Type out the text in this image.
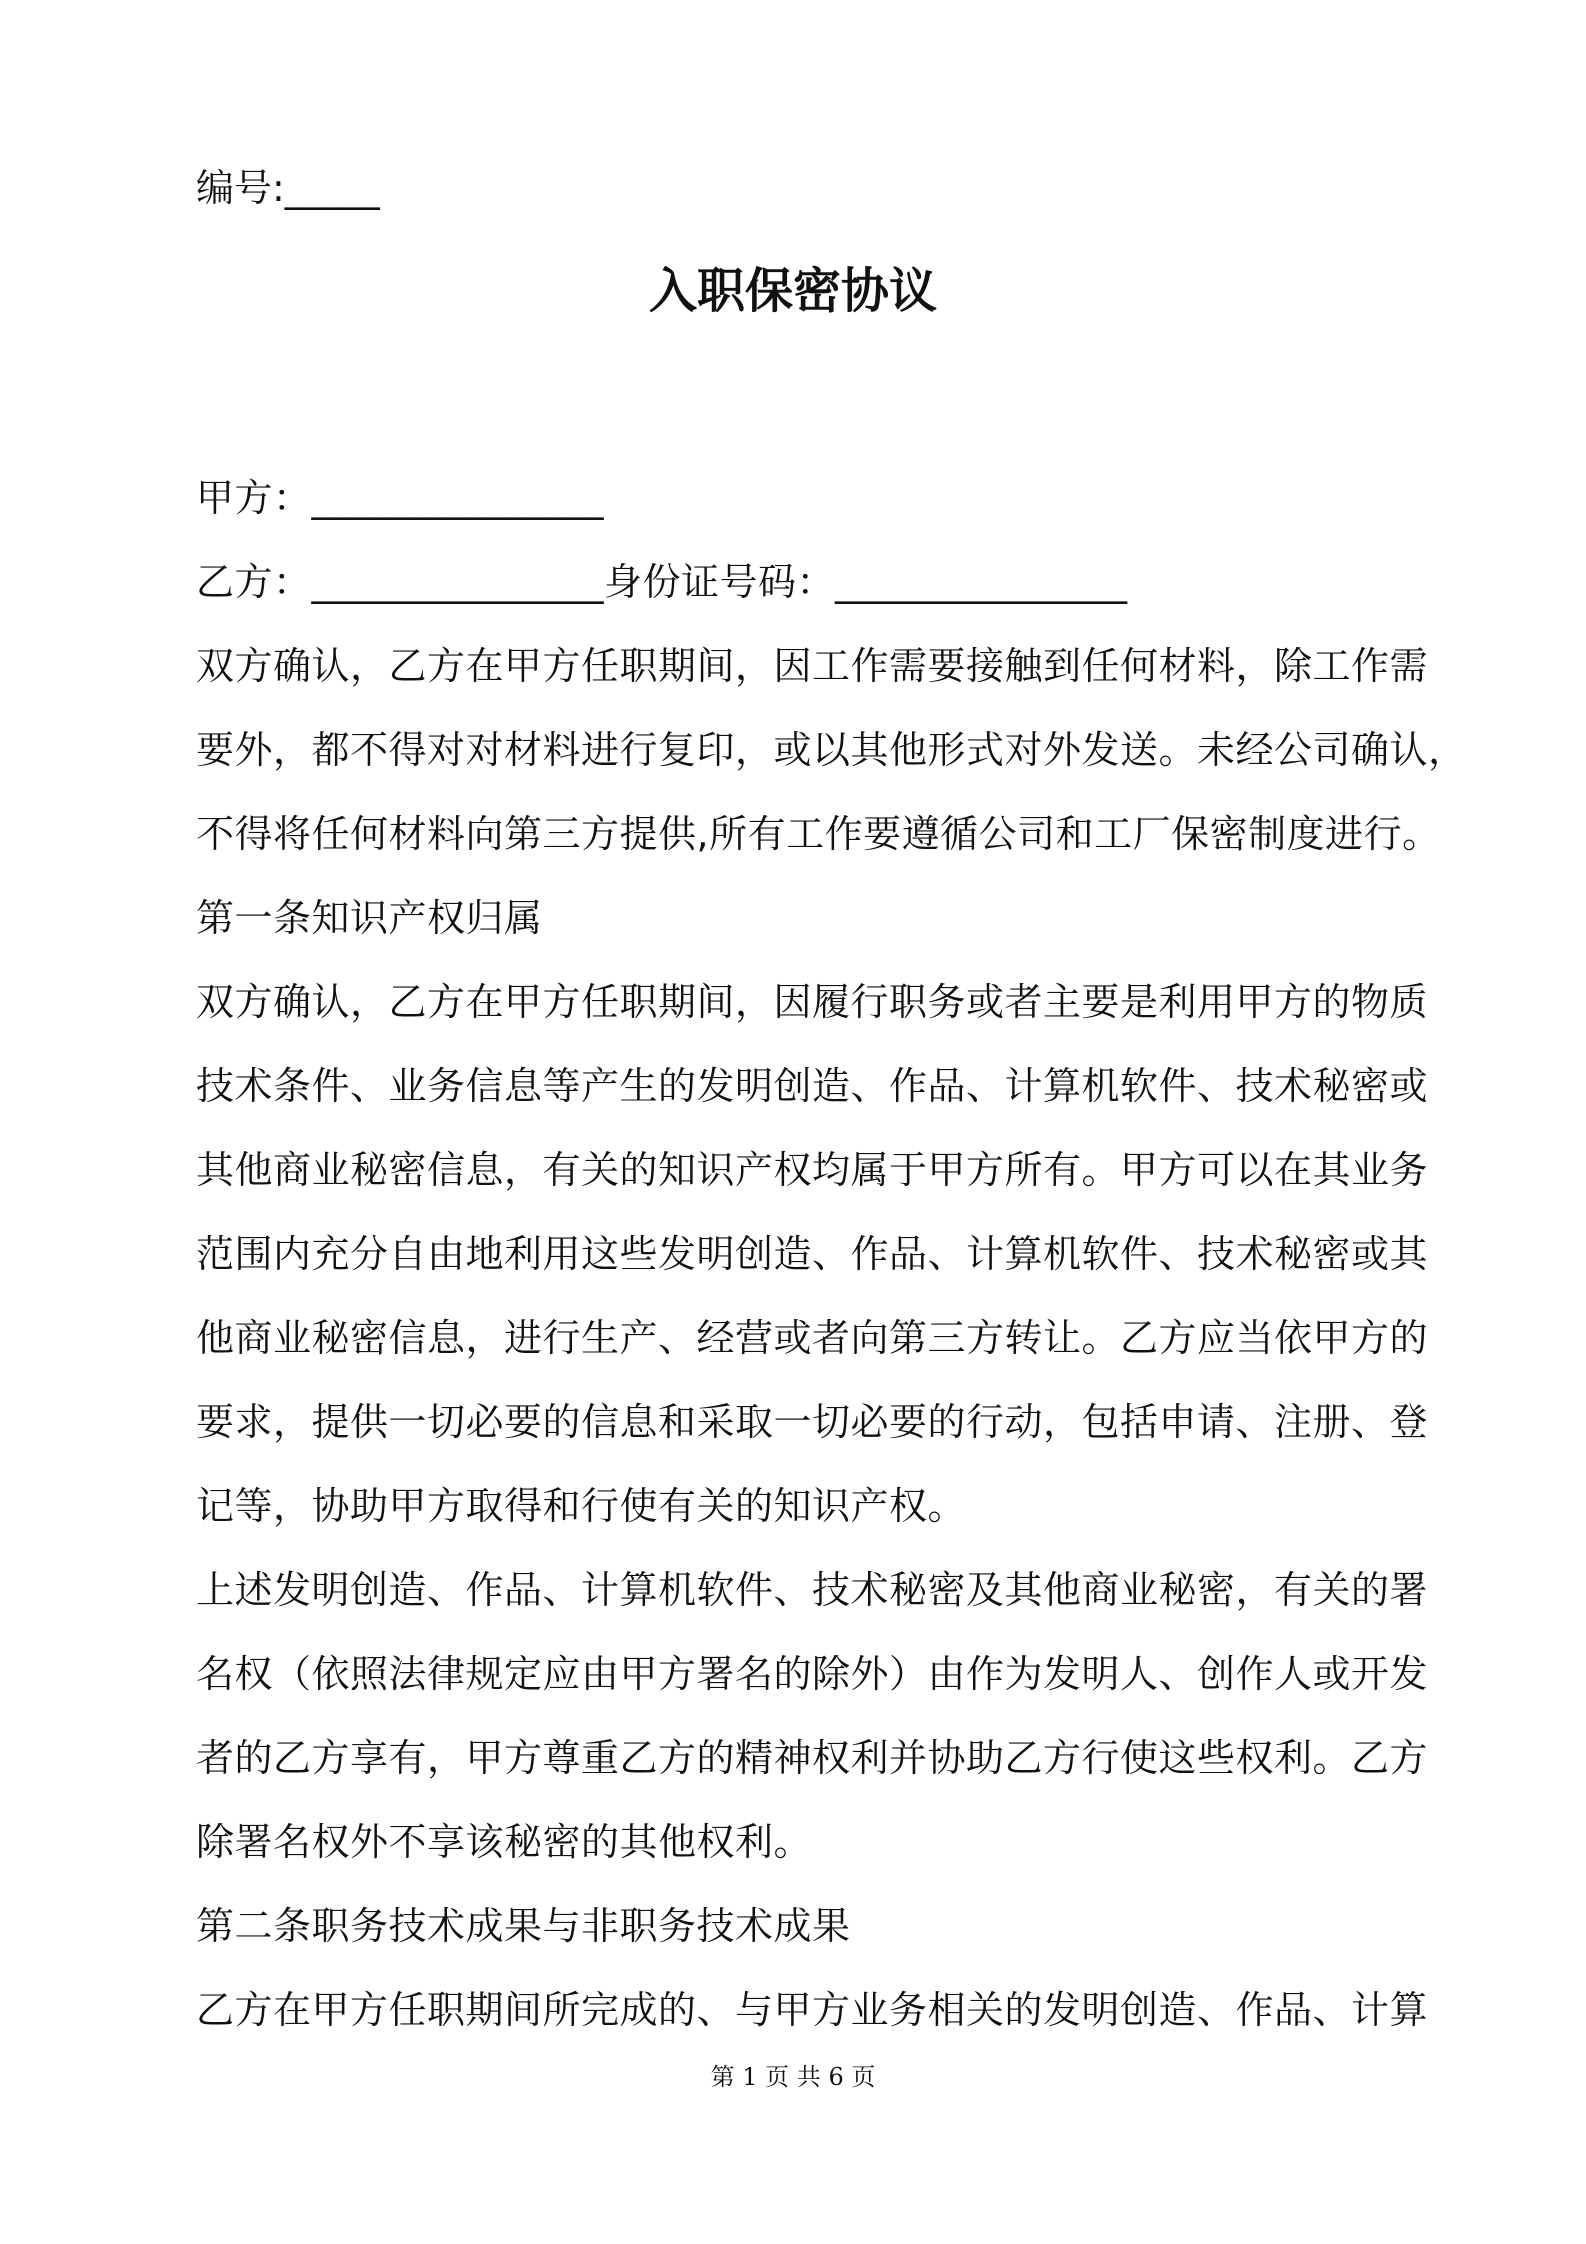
编号:_____
入职保密协议

甲方：_______________

乙方：_______________身份证号码：_______________

双方确认，乙方在甲方任职期间，因工作需要接触到任何材料，除工作需

要外，都不得对对材料进行复印，或以其他形式对外发送。未经公司确认，

不得将任何材料向第三方提供,所有工作要遵循公司和工厂保密制度进行。

第一条知识产权归属

双方确认，乙方在甲方任职期间，因履行职务或者主要是利用甲方的物质

技术条件、业务信息等产生的发明创造、作品、计算机软件、技术秘密或

其他商业秘密信息，有关的知识产权均属于甲方所有。甲方可以在其业务

范围内充分自由地利用这些发明创造、作品、计算机软件、技术秘密或其

他商业秘密信息，进行生产、经营或者向第三方转让。乙方应当依甲方的

要求，提供一切必要的信息和采取一切必要的行动，包括申请、注册、登

记等，协助甲方取得和行使有关的知识产权。

上述发明创造、作品、计算机软件、技术秘密及其他商业秘密，有关的署

名权（依照法律规定应由甲方署名的除外）由作为发明人、创作人或开发

者的乙方享有，甲方尊重乙方的精神权利并协助乙方行使这些权利。乙方

除署名权外不享该秘密的其他权利。

第二条职务技术成果与非职务技术成果

乙方在甲方任职期间所完成的、与甲方业务相关的发明创造、作品、计算

第 1 页 共 6 页
